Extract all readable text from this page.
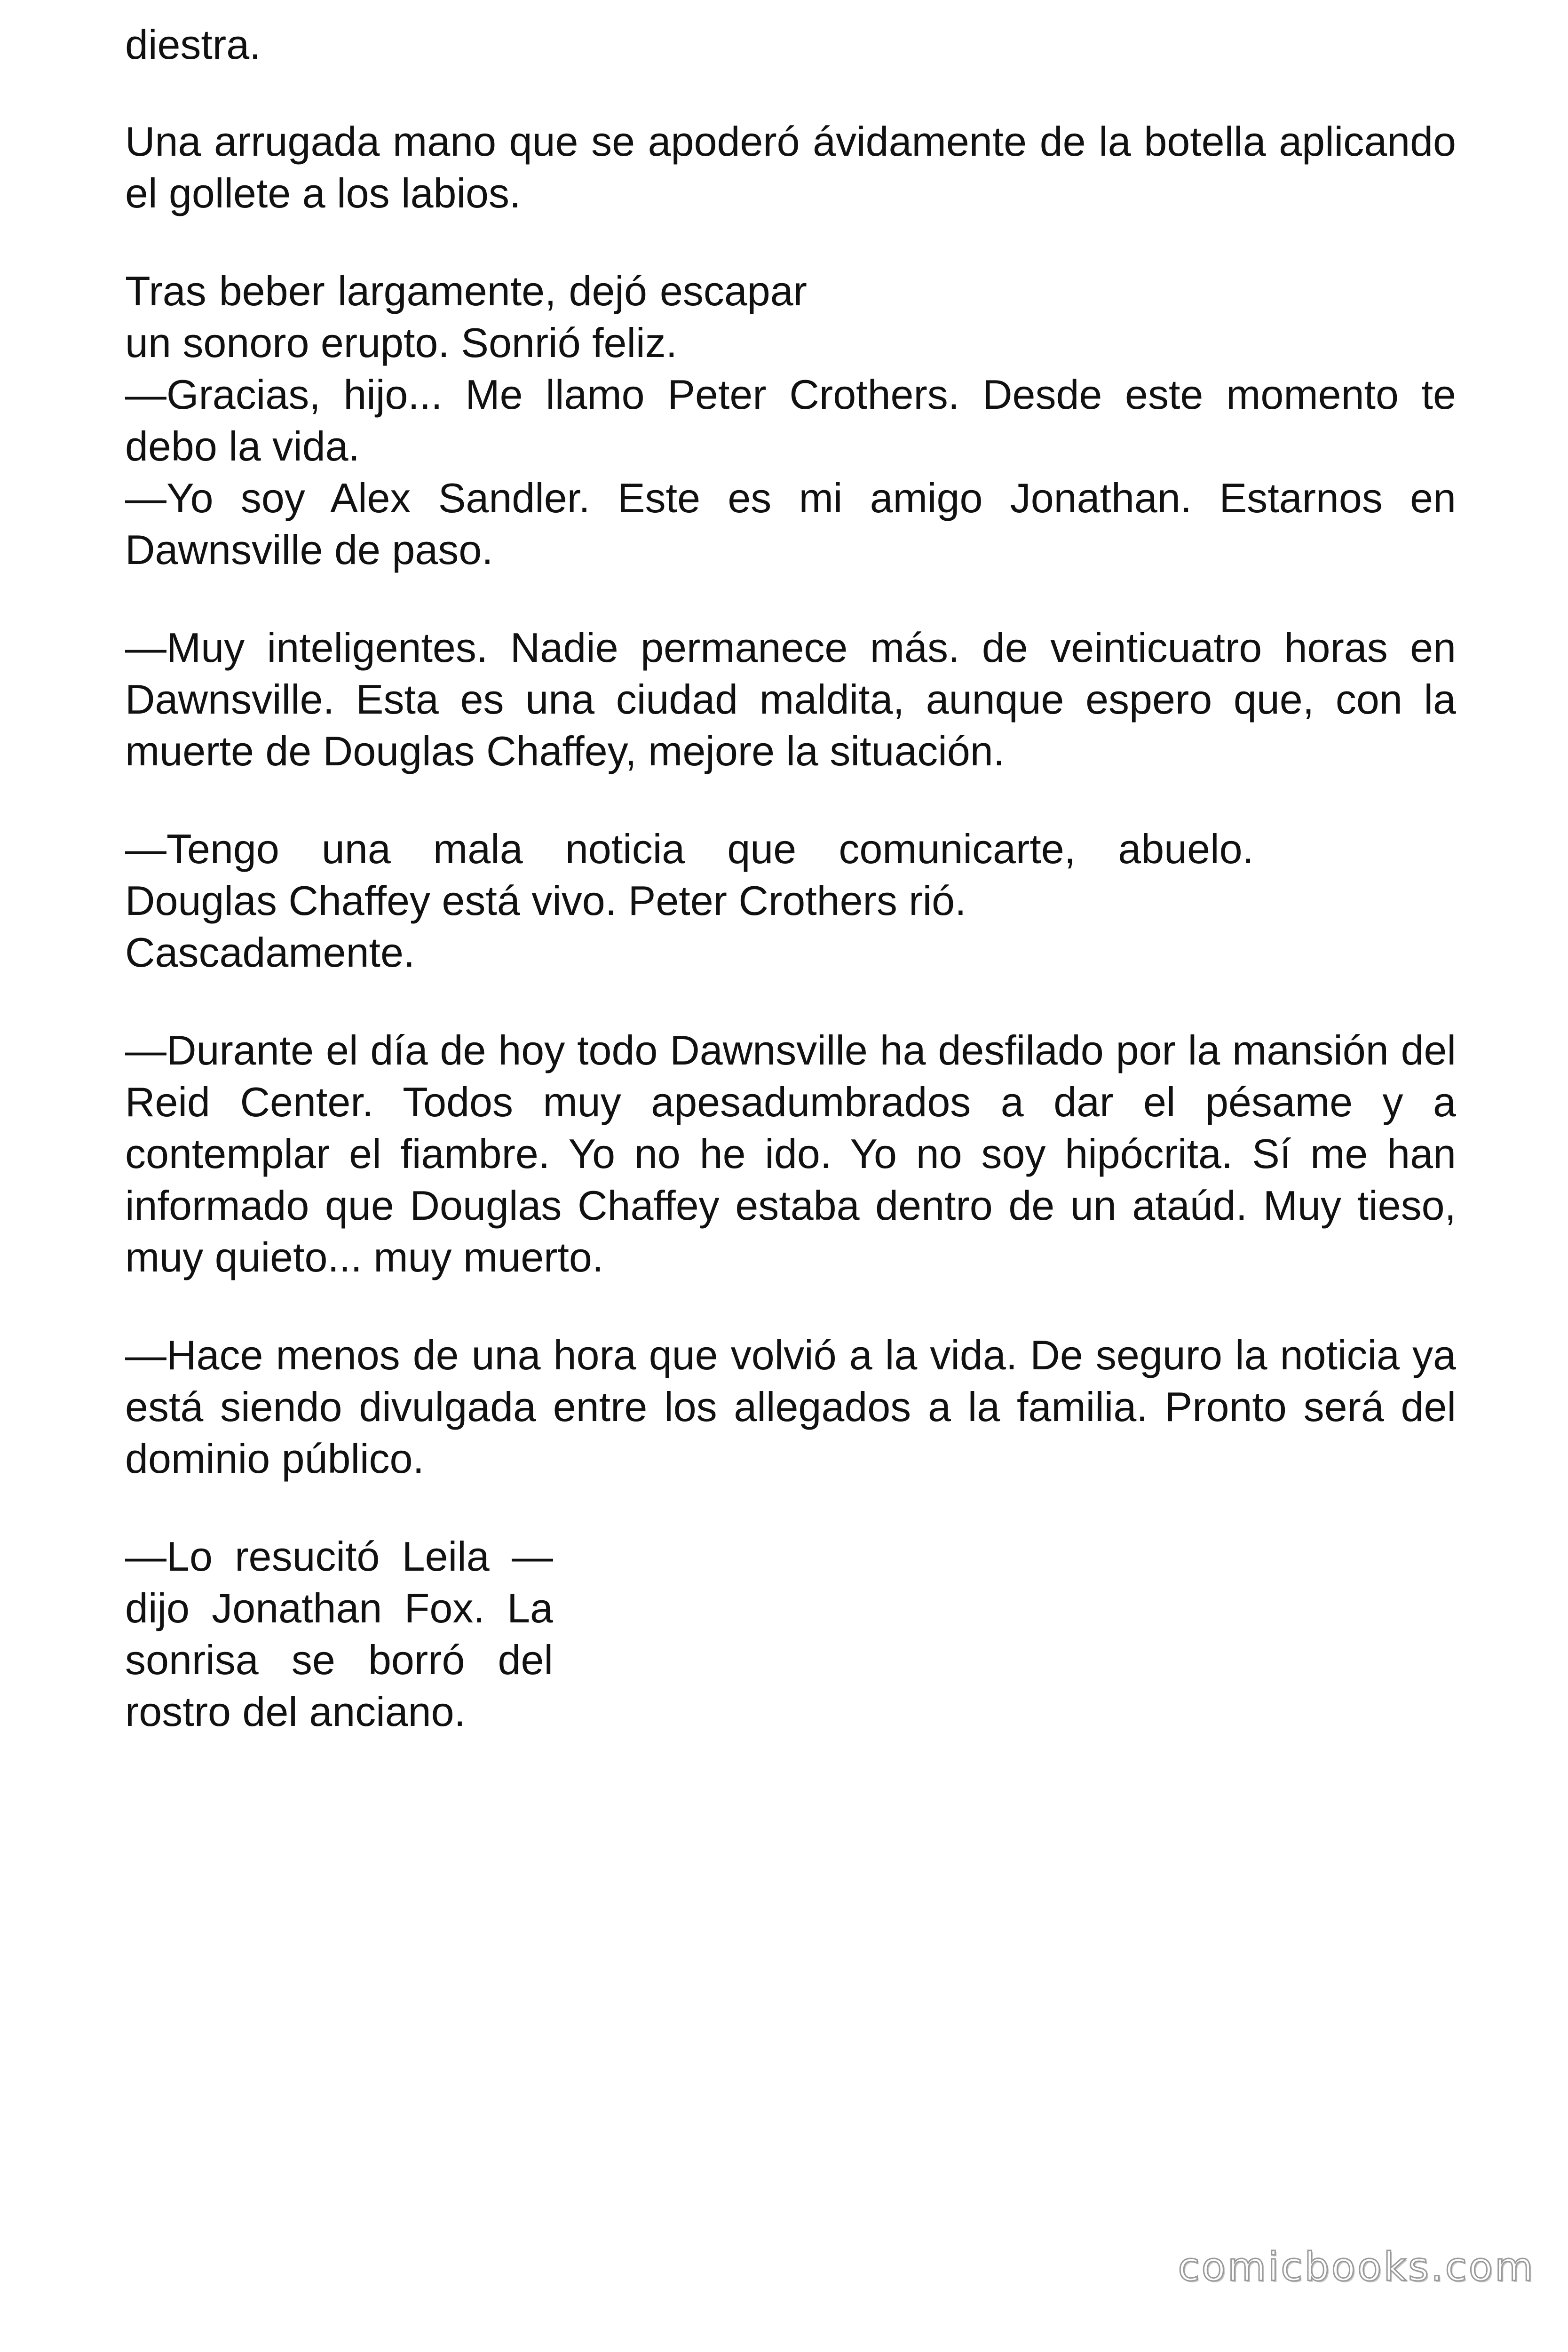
diestra.

Una arrugada mano que se apoderó ávidamente de la botella aplicando el gollete a los labios.

Tras beber largamente, dejó escapar un sonoro erupto. Sonrió feliz.

—Gracias, hijo... Me llamo Peter Crothers. Desde este momento te debo la vida.

—Yo soy Alex Sandler. Este es mi amigo Jonathan. Estarnos en Dawnsville de paso.

—Muy inteligentes. Nadie permanece más. de veinticuatro horas en Dawnsville. Esta es una ciudad maldita, aunque espero que, con la muerte de Douglas Chaffey, mejore la situación.

—Tengo una mala noticia que comunicarte, abuelo.

Douglas Chaffey está vivo. Peter Crothers rió.

Cascadamente.

—Durante el día de hoy todo Dawnsville ha desfilado por la mansión del Reid Center. Todos muy apesadumbrados a dar el pésame y a contemplar el fiambre. Yo no he ido. Yo no soy hipócrita. Sí me han informado que Douglas Chaffey estaba dentro de un ataúd. Muy tieso, muy quieto... muy muerto.

—Hace menos de una hora que volvió a la vida. De seguro la noticia ya está siendo divulgada entre los allegados a la familia. Pronto será del dominio público.

—Lo resucitó Leila — dijo Jonathan Fox. La sonrisa se borró del rostro del anciano.

comicbooks.com
